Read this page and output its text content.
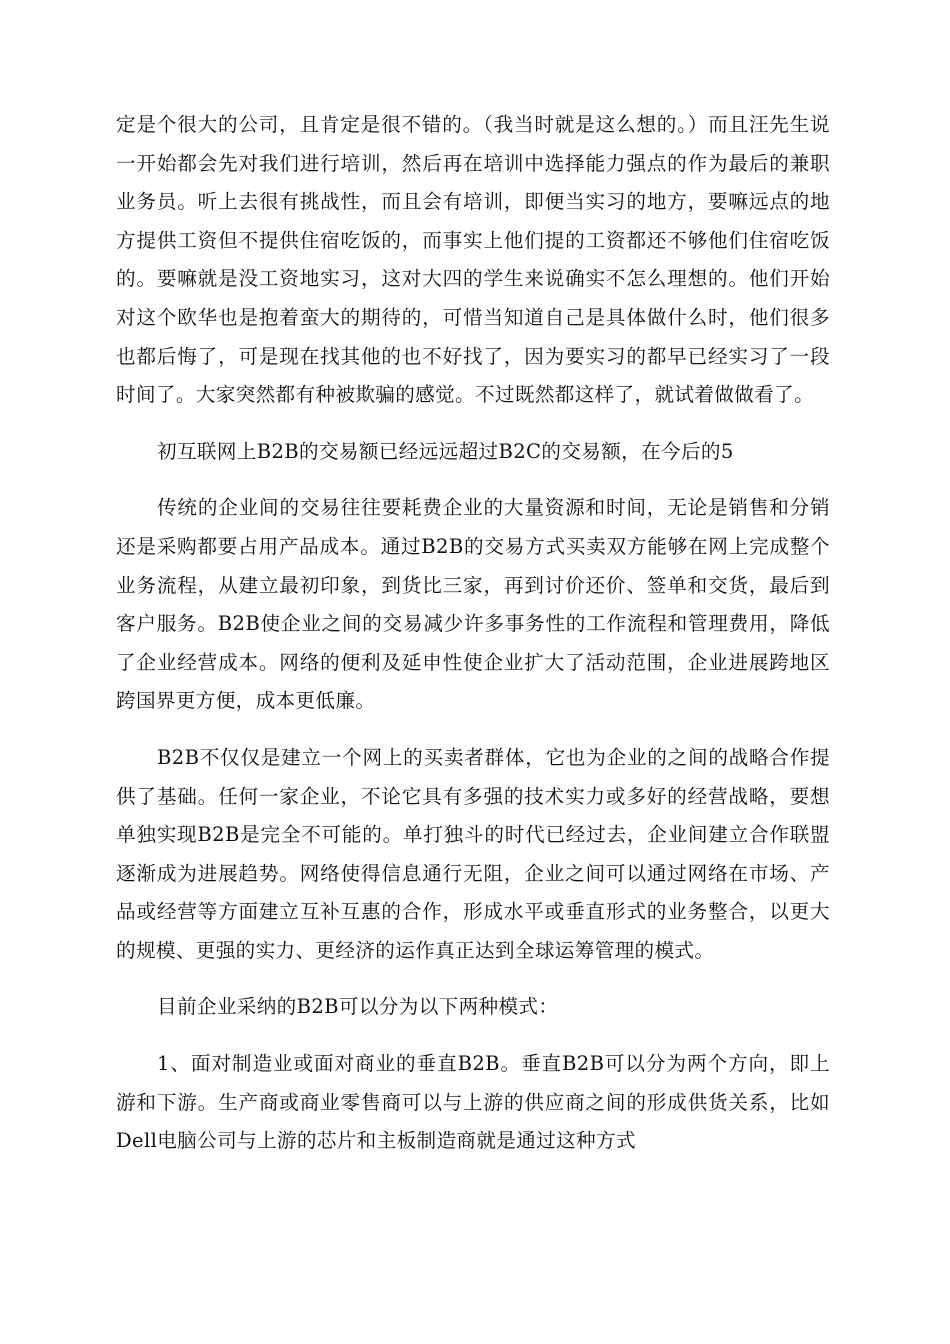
定是个很大的公司，且肯定是很不错的。（我当时就是这么想的。）而且汪先生说一开始都会先对我们进行培训，然后再在培训中选择能力强点的作为最后的兼职业务员。听上去很有挑战性，而且会有培训，即便当实习的地方，要嘛远点的地方提供工资但不提供住宿吃饭的，而事实上他们提的工资都还不够他们住宿吃饭的。要嘛就是没工资地实习，这对大四的学生来说确实不怎么理想的。他们开始对这个欧华也是抱着蛮大的期待的，可惜当知道自己是具体做什么时，他们很多也都后悔了，可是现在找其他的也不好找了，因为要实习的都早已经实习了一段时间了。大家突然都有种被欺骗的感觉。不过既然都这样了，就试着做做看了。

初互联网上B2B的交易额已经远远超过B2C的交易额，在今后的5

传统的企业间的交易往往要耗费企业的大量资源和时间，无论是销售和分销还是采购都要占用产品成本。通过B2B的交易方式买卖双方能够在网上完成整个业务流程，从建立最初印象，到货比三家，再到讨价还价、签单和交货，最后到客户服务。B2B使企业之间的交易减少许多事务性的工作流程和管理费用，降低了企业经营成本。网络的便利及延申性使企业扩大了活动范围，企业进展跨地区跨国界更方便，成本更低廉。

B2B不仅仅是建立一个网上的买卖者群体，它也为企业的之间的战略合作提供了基础。任何一家企业，不论它具有多强的技术实力或多好的经营战略，要想单独实现B2B是完全不可能的。单打独斗的时代已经过去，企业间建立合作联盟逐渐成为进展趋势。网络使得信息通行无阻，企业之间可以通过网络在市场、产品或经营等方面建立互补互惠的合作，形成水平或垂直形式的业务整合，以更大的规模、更强的实力、更经济的运作真正达到全球运筹管理的模式。

目前企业采纳的B2B可以分为以下两种模式：

1、面对制造业或面对商业的垂直B2B。垂直B2B可以分为两个方向，即上游和下游。生产商或商业零售商可以与上游的供应商之间的形成供货关系，比如Dell电脑公司与上游的芯片和主板制造商就是通过这种方式
